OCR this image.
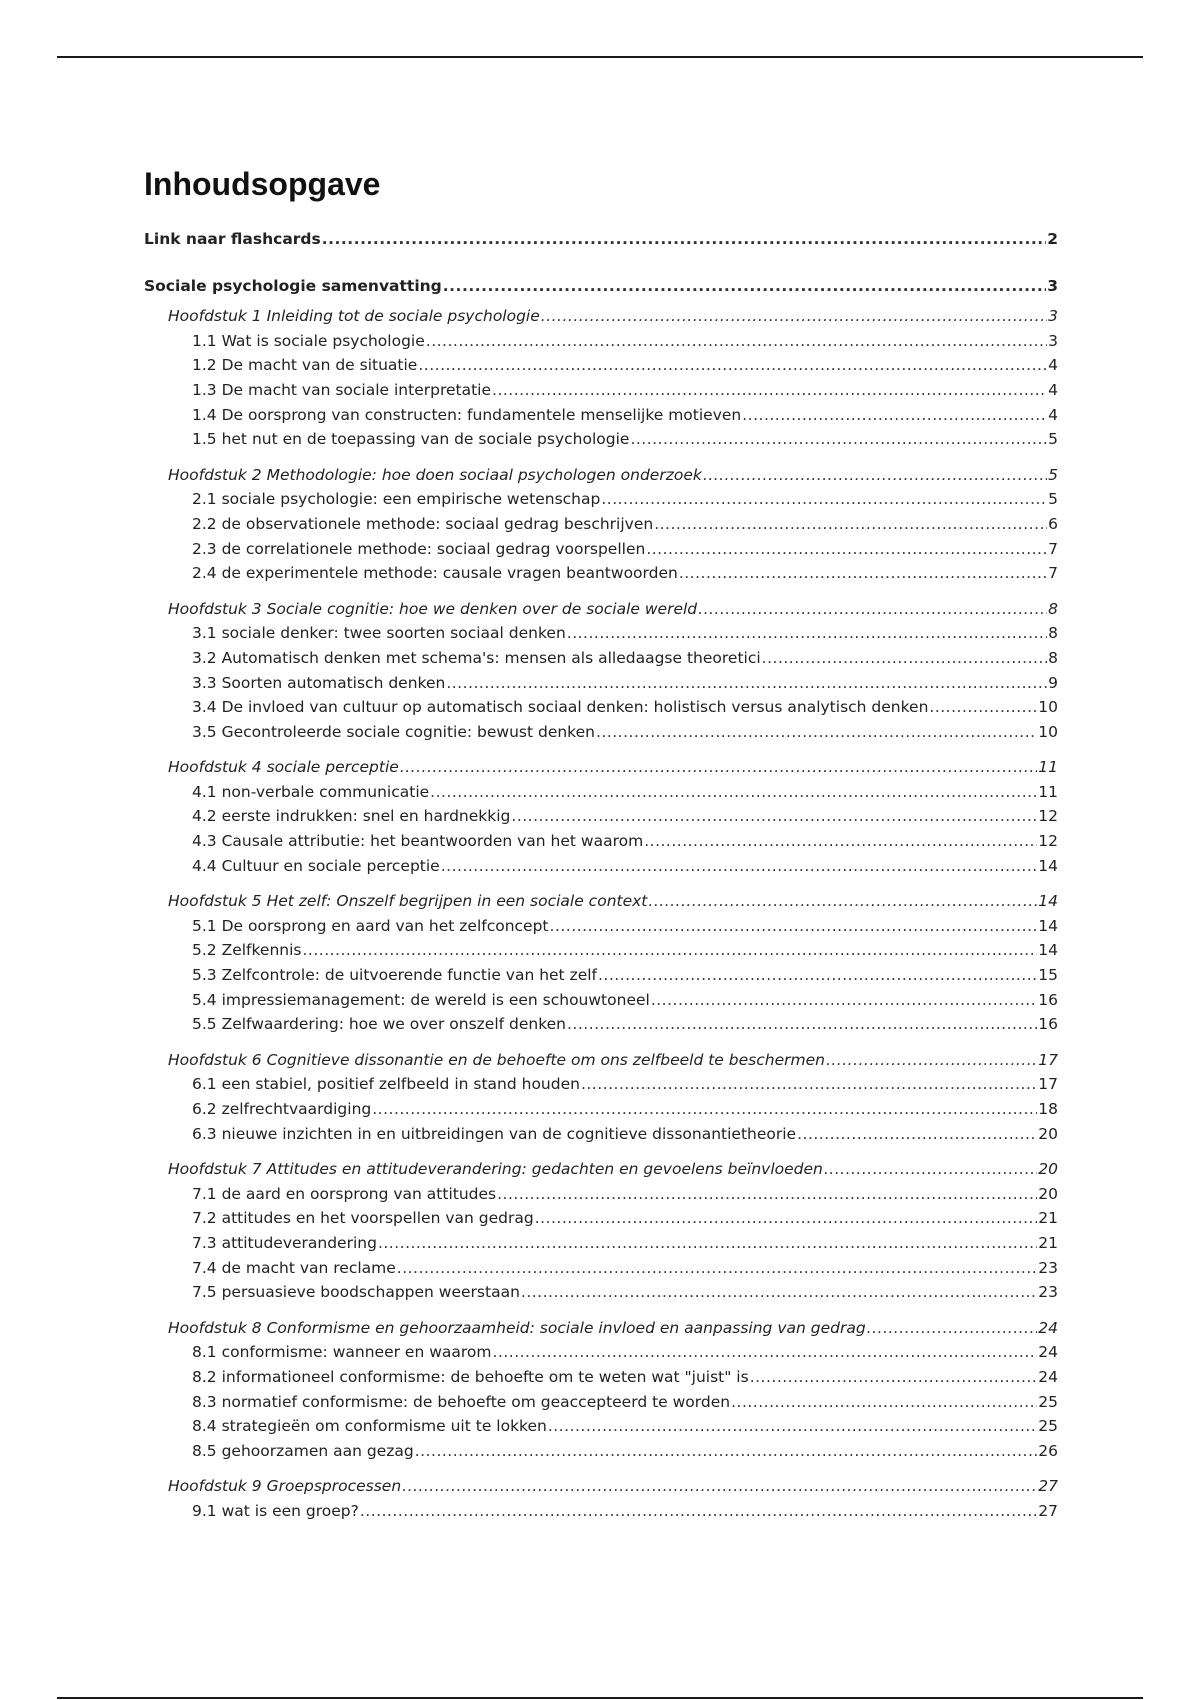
Inhoudsopgave
Link naar flashcards .....	2
Sociale psychologie samenvatting .....	3
Hoofdstuk 1 Inleiding tot de sociale psychologie .....	3
1.1 Wat is sociale psychologie .....	3
1.2 De macht van de situatie .....	4
1.3 De macht van sociale interpretatie .....	4
1.4 De oorsprong van constructen: fundamentele menselijke motieven .....	4
1.5 het nut en de toepassing van de sociale psychologie .....	5
Hoofdstuk 2 Methodologie: hoe doen sociaal psychologen onderzoek .....	5
2.1 sociale psychologie: een empirische wetenschap .....	5
2.2 de observationele methode: sociaal gedrag beschrijven .....	6
2.3 de correlationele methode: sociaal gedrag voorspellen .....	7
2.4 de experimentele methode: causale vragen beantwoorden .....	7
Hoofdstuk 3 Sociale cognitie: hoe we denken over de sociale wereld .....	8
3.1 sociale denker: twee soorten sociaal denken .....	8
3.2 Automatisch denken met schema's: mensen als alledaagse theoretici .....	8
3.3 Soorten automatisch denken .....	9
3.4 De invloed van cultuur op automatisch sociaal denken: holistisch versus analytisch denken .....	10
3.5 Gecontroleerde sociale cognitie: bewust denken .....	10
Hoofdstuk 4 sociale perceptie .....	11
4.1 non-verbale communicatie .....	11
4.2 eerste indrukken: snel en hardnekkig .....	12
4.3 Causale attributie: het beantwoorden van het waarom .....	12
4.4 Cultuur en sociale perceptie .....	14
Hoofdstuk 5 Het zelf: Onszelf begrijpen in een sociale context .....	14
5.1 De oorsprong en aard van het zelfconcept .....	14
5.2 Zelfkennis .....	14
5.3 Zelfcontrole: de uitvoerende functie van het zelf .....	15
5.4 impressiemanagement: de wereld is een schouwtoneel .....	16
5.5 Zelfwaardering: hoe we over onszelf denken .....	16
Hoofdstuk 6 Cognitieve dissonantie en de behoefte om ons zelfbeeld te beschermen .....	17
6.1 een stabiel, positief zelfbeeld in stand houden .....	17
6.2 zelfrechtvaardiging .....	18
6.3 nieuwe inzichten in en uitbreidingen van de cognitieve dissonantietheorie .....	20
Hoofdstuk 7 Attitudes en attitudeverandering: gedachten en gevoelens beïnvloeden .....	20
7.1 de aard en oorsprong van attitudes .....	20
7.2 attitudes en het voorspellen van gedrag .....	21
7.3 attitudeverandering .....	21
7.4 de macht van reclame .....	23
7.5 persuasieve boodschappen weerstaan .....	23
Hoofdstuk 8 Conformisme en gehoorzaamheid: sociale invloed en aanpassing van gedrag .....	24
8.1 conformisme: wanneer en waarom .....	24
8.2 informationeel conformisme: de behoefte om te weten wat "juist" is .....	24
8.3 normatief conformisme: de behoefte om geaccepteerd te worden .....	25
8.4 strategieën om conformisme uit te lokken .....	25
8.5 gehoorzamen aan gezag .....	26
Hoofdstuk 9 Groepsprocessen .....	27
9.1 wat is een groep? .....	27
